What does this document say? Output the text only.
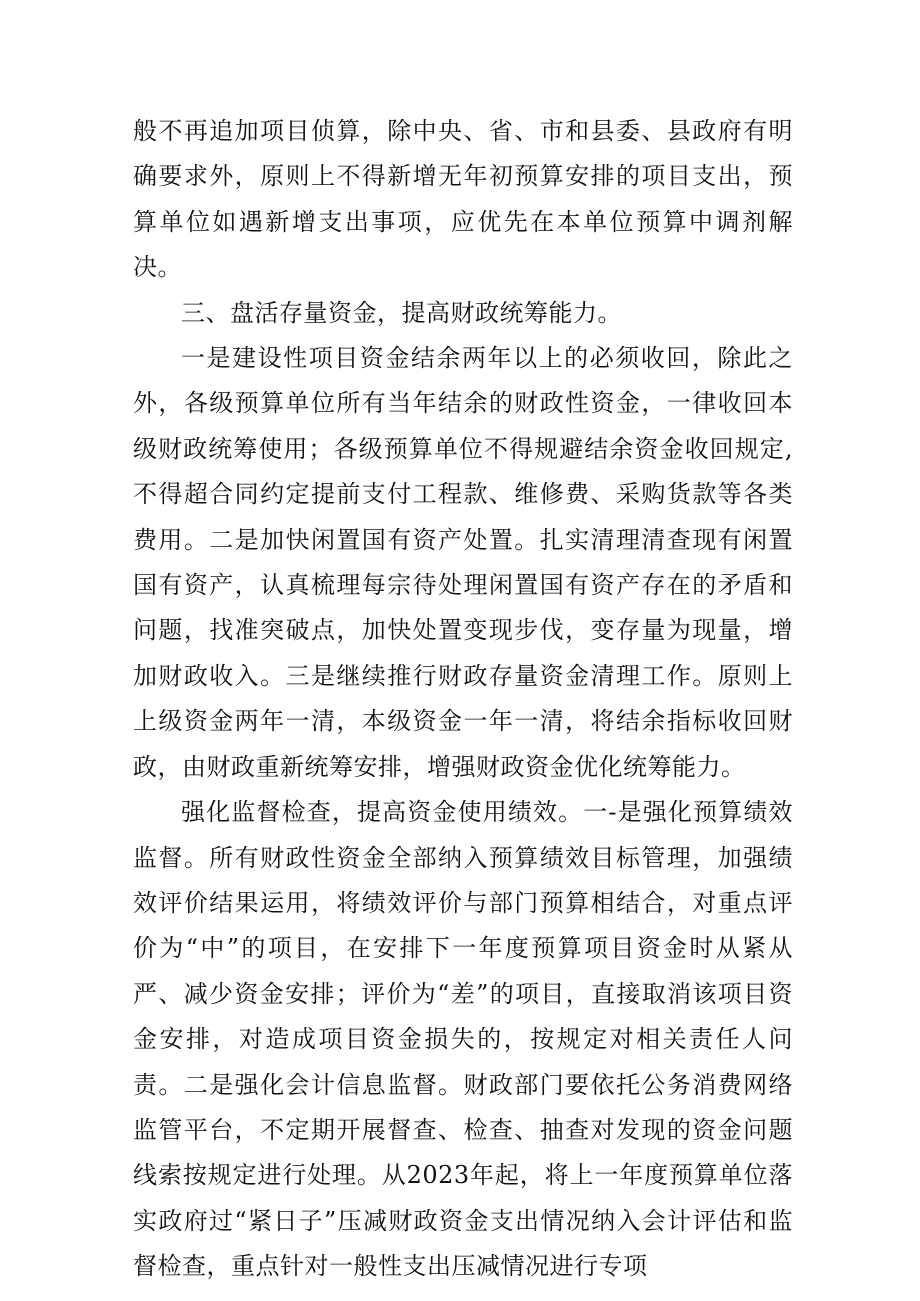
般不再追加项目侦算，除中央、省、市和县委、县政府有明确要求外，原则上不得新增无年初预算安排的项目支出，预算单位如遇新增支出事项，应优先在本单位预算中调剂解决。

三、盘活存量资金，提高财政统筹能力。

一是建设性项目资金结余两年以上的必须收回，除此之外，各级预算单位所有当年结余的财政性资金，一律收回本级财政统筹使用；各级预算单位不得规避结余资金收回规定,不得超合同约定提前支付工程款、维修费、采购货款等各类费用。二是加快闲置国有资产处置。扎实清理清查现有闲置国有资产，认真梳理每宗待处理闲置国有资产存在的矛盾和问题，找准突破点，加快处置变现步伐，变存量为现量，增加财政收入。三是继续推行财政存量资金清理工作。原则上上级资金两年一清，本级资金一年一清，将结余指标收回财政，由财政重新统筹安排，增强财政资金优化统筹能力。

强化监督检查，提高资金使用绩效。一-是强化预算绩效监督。所有财政性资金全部纳入预算绩效目标管理，加强绩效评价结果运用，将绩效评价与部门预算相结合，对重点评价为“中”的项目，在安排下一年度预算项目资金时从紧从严、减少资金安排；评价为“差”的项目，直接取消该项目资金安排，对造成项目资金损失的，按规定对相关责任人问责。二是强化会计信息监督。财政部门要依托公务消费网络监管平台，不定期开展督查、检查、抽查对发现的资金问题线索按规定进行处理。从2023年起，将上一年度预算单位落实政府过“紧日子”压减财政资金支出情况纳入会计评估和监督检查，重点针对一般性支出压减情况进行专项
